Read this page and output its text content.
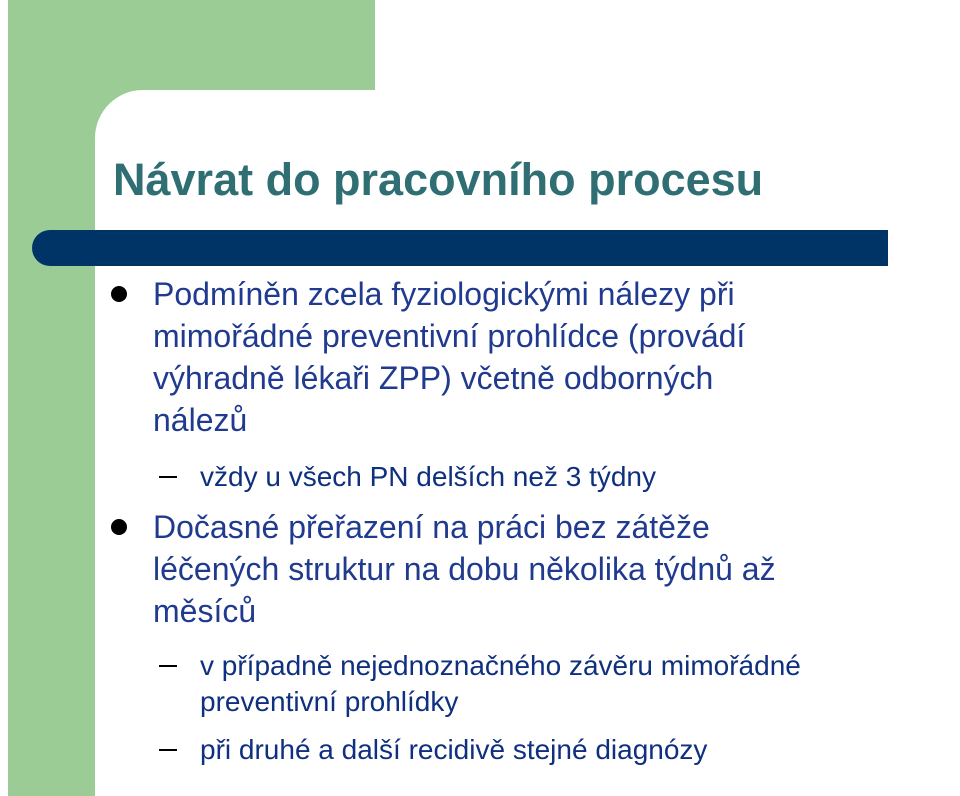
Návrat do pracovního procesu
Podmíněn zcela fyziologickými nálezy při
mimořádné preventivní prohlídce (provádí
výhradně lékaři ZPP) včetně odborných
nálezů
vždy u všech PN delších než 3 týdny
Dočasné přeřazení na práci bez zátěže
léčených struktur na dobu několika týdnů až
měsíců
v případně nejednoznačného závěru mimořádné
preventivní prohlídky
při druhé a další recidivě stejné diagnózy
